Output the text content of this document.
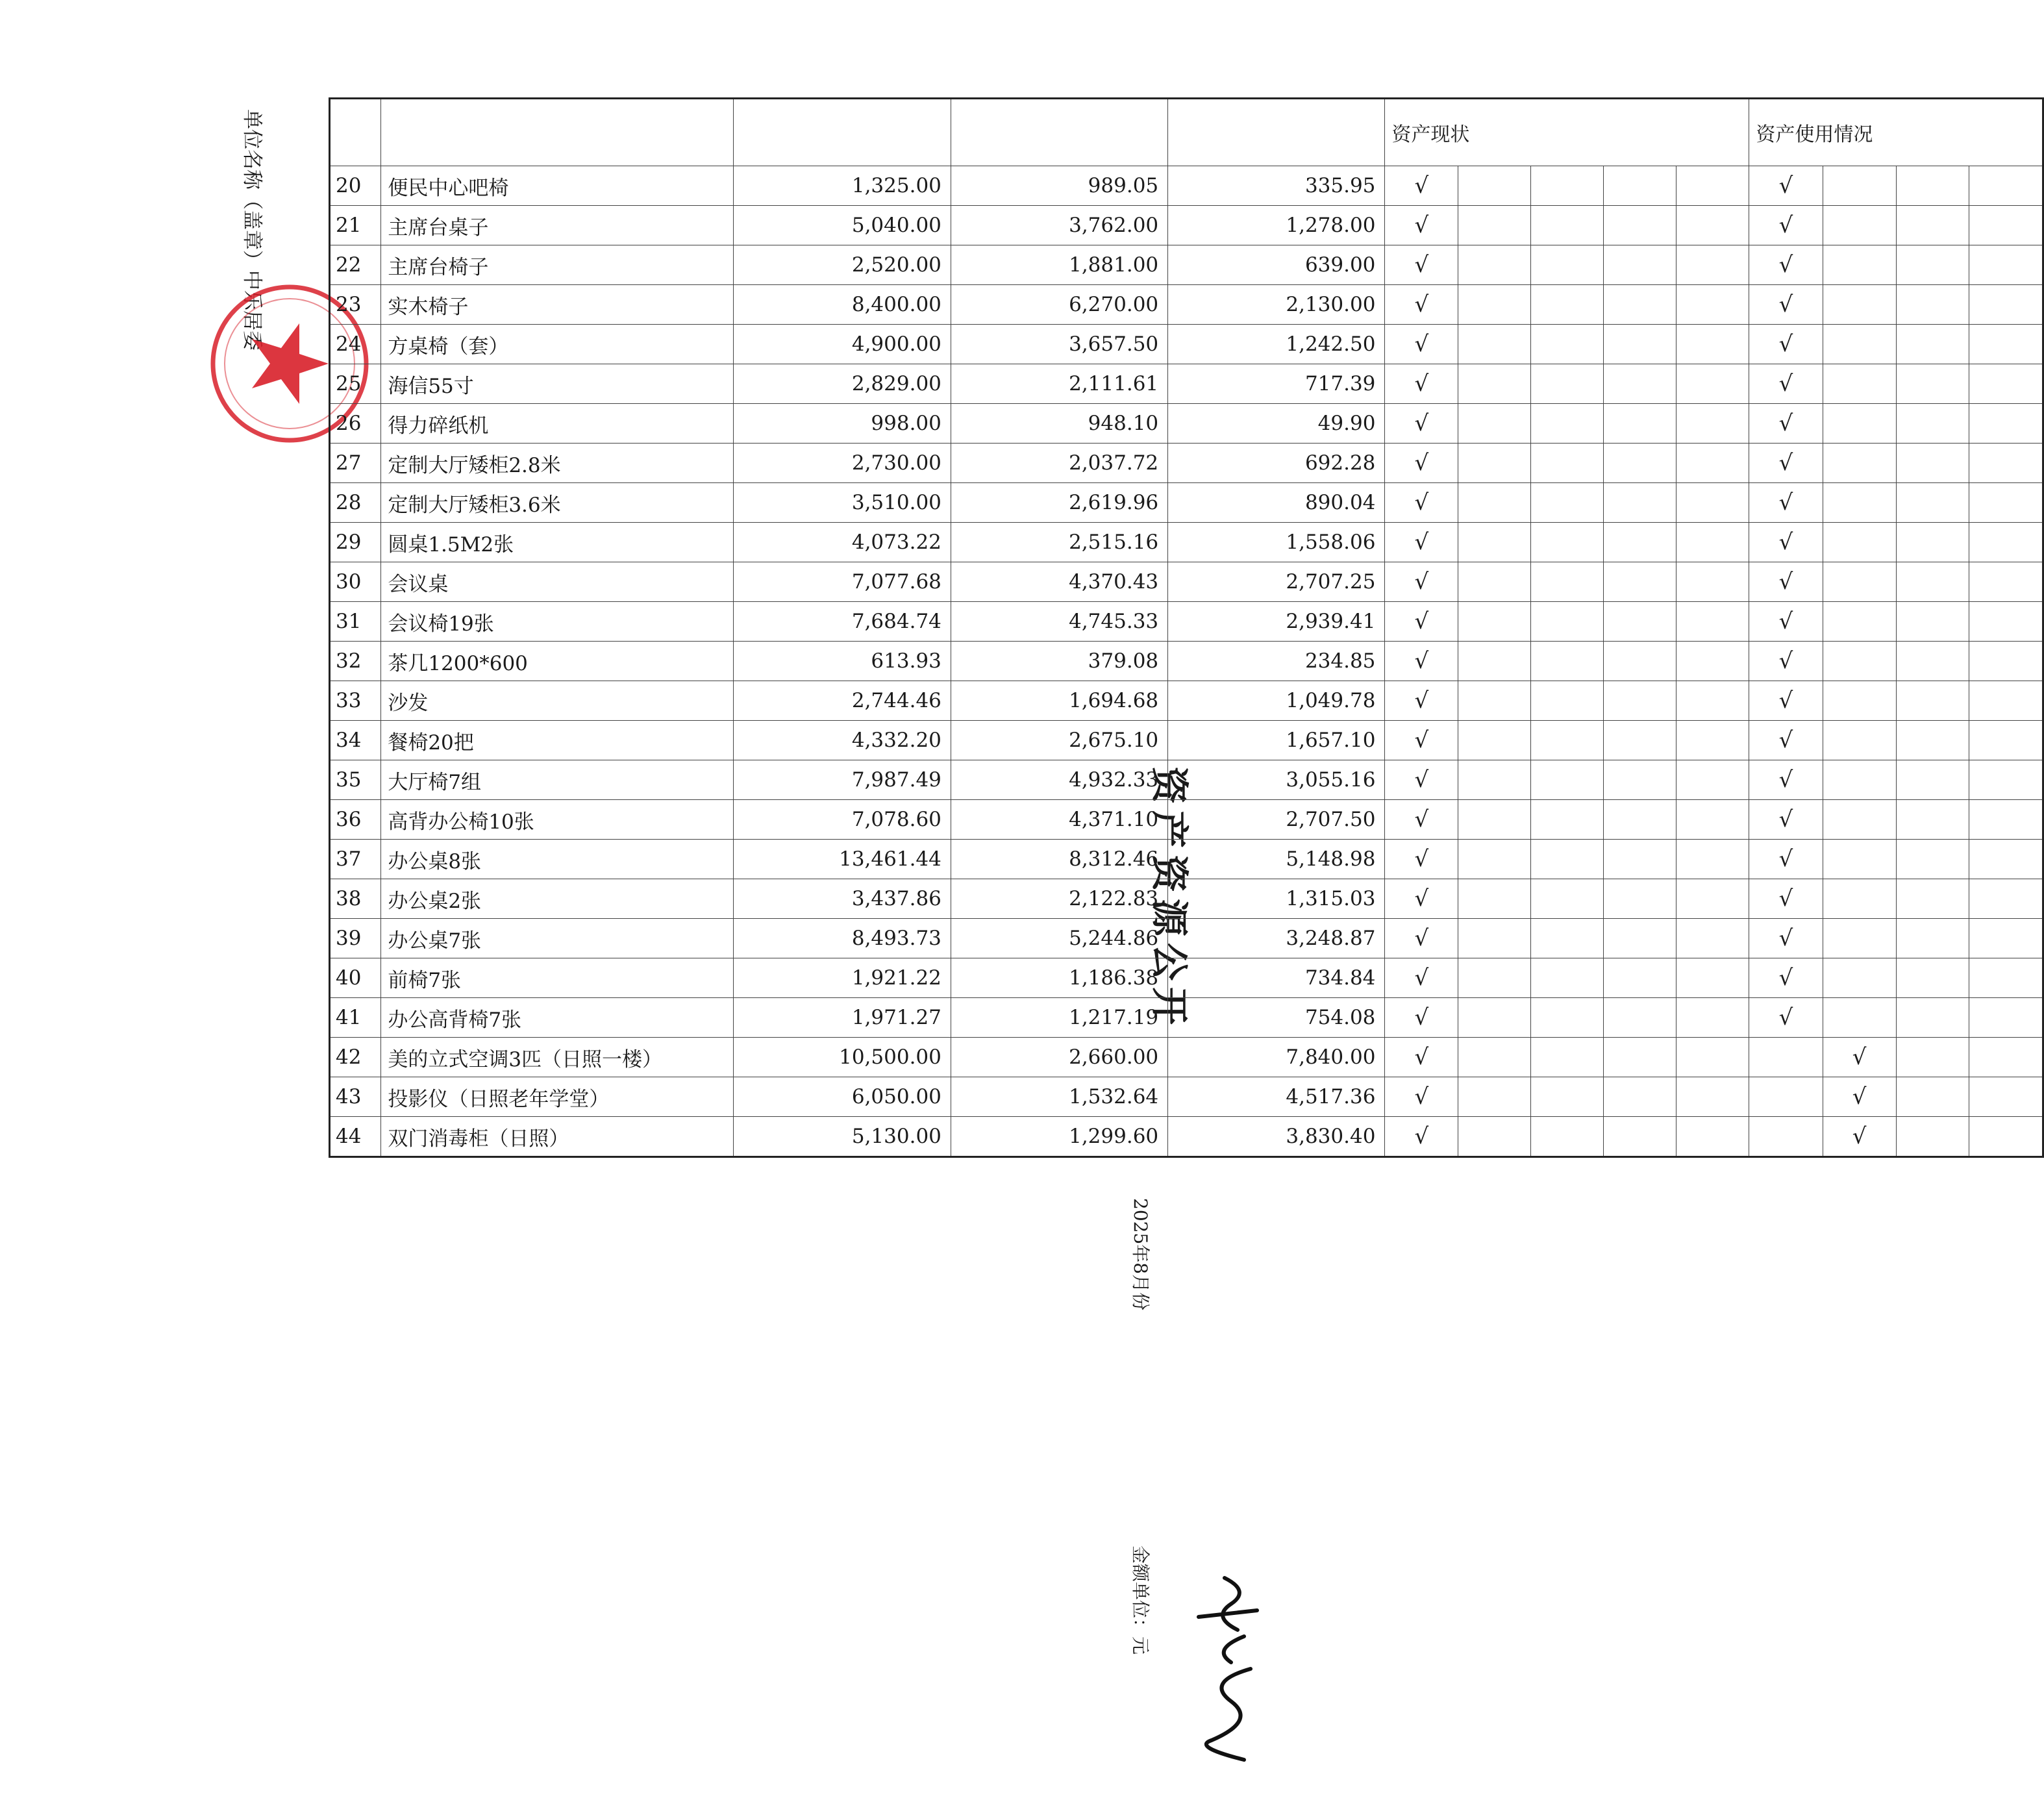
资产资源公开
2025年8月份
金额单位：元
单位名称（盖章）中乐居委
						资产现状					资产使用情况			
20	便民中心吧椅	1,325.00	989.05	335.95	√					√			
21	主席台桌子	5,040.00	3,762.00	1,278.00	√					√			
22	主席台椅子	2,520.00	1,881.00	639.00	√					√			
23	实木椅子	8,400.00	6,270.00	2,130.00	√					√			
24	方桌椅（套）	4,900.00	3,657.50	1,242.50	√					√			
25	海信55寸	2,829.00	2,111.61	717.39	√					√			
26	得力碎纸机	998.00	948.10	49.90	√					√			
27	定制大厅矮柜2.8米	2,730.00	2,037.72	692.28	√					√			
28	定制大厅矮柜3.6米	3,510.00	2,619.96	890.04	√					√			
29	圆桌1.5M2张	4,073.22	2,515.16	1,558.06	√					√			
30	会议桌	7,077.68	4,370.43	2,707.25	√					√			
31	会议椅19张	7,684.74	4,745.33	2,939.41	√					√			
32	茶几1200*600	613.93	379.08	234.85	√					√			
33	沙发	2,744.46	1,694.68	1,049.78	√					√			
34	餐椅20把	4,332.20	2,675.10	1,657.10	√					√			
35	大厅椅7组	7,987.49	4,932.33	3,055.16	√					√			
36	高背办公椅10张	7,078.60	4,371.10	2,707.50	√					√			
37	办公桌8张	13,461.44	8,312.46	5,148.98	√					√			
38	办公桌2张	3,437.86	2,122.83	1,315.03	√					√			
39	办公桌7张	8,493.73	5,244.86	3,248.87	√					√			
40	前椅7张	1,921.22	1,186.38	734.84	√					√			
41	办公高背椅7张	1,971.27	1,217.19	754.08	√					√			
42	美的立式空调3匹（日照一楼）	10,500.00	2,660.00	7,840.00	√						√		
43	投影仪（日照老年学堂）	6,050.00	1,532.64	4,517.36	√						√		
44	双门消毒柜（日照）	5,130.00	1,299.60	3,830.40	√						√		
